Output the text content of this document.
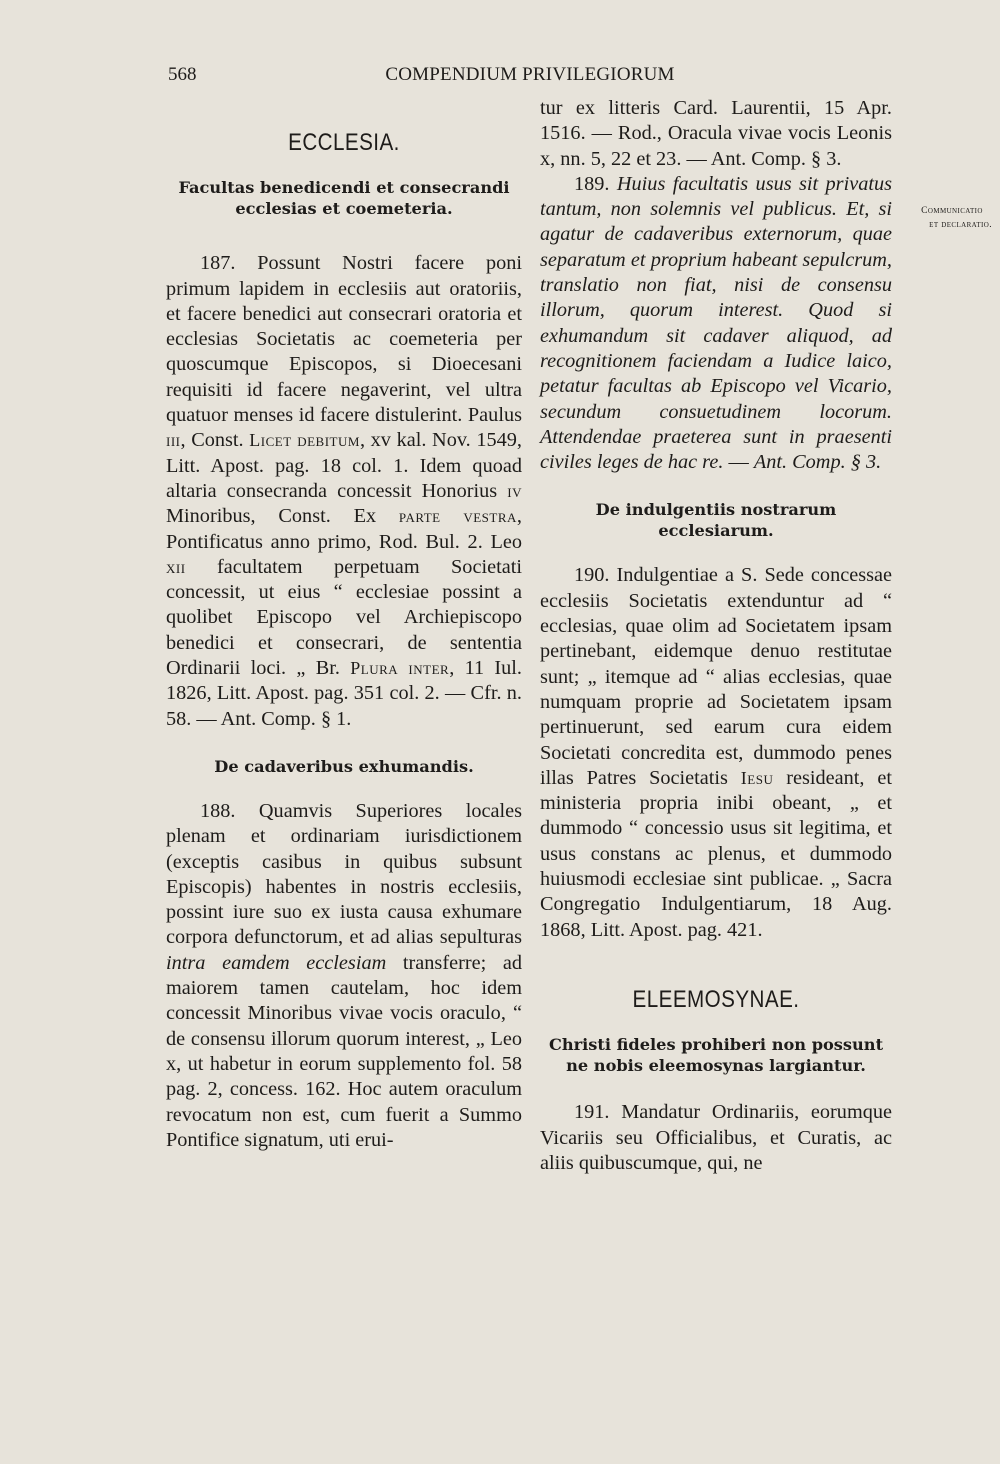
568	COMPENDIUM PRIVILEGIORUM
Communicatio
et declaratio.
ECCLESIA.
Facultas benedicendi et consecrandi ecclesias et coemeteria.

187. Possunt Nostri facere poni primum lapidem in ecclesiis aut oratoriis, et facere benedici aut consecrari oratoria et ecclesias Societatis ac coemeteria per quoscumque Episcopos, si Dioecesani requisiti id facere negaverint, vel ultra quatuor menses id facere distulerint. Paulus iii, Const. Licet debitum, xv kal. Nov. 1549, Litt. Apost. pag. 18 col. 1. Idem quoad altaria consecranda concessit Honorius iv Minoribus, Const. Ex parte vestra, Pontificatus anno primo, Rod. Bul. 2. Leo xii facultatem perpetuam Societati concessit, ut eius “ ecclesiae possint a quolibet Episcopo vel Archiepiscopo benedici et consecrari, de sententia Ordinarii loci. „ Br. Plura inter, 11 Iul. 1826, Litt. Apost. pag. 351 col. 2. — Cfr. n. 58. — Ant. Comp. § 1.

De cadaveribus exhumandis.

188. Quamvis Superiores locales plenam et ordinariam iurisdictionem (exceptis casibus in quibus subsunt Episcopis) habentes in nostris ecclesiis, possint iure suo ex iusta causa exhumare corpora defunctorum, et ad alias sepulturas intra eamdem ecclesiam transferre; ad maiorem tamen cautelam, hoc idem concessit Minoribus vivae vocis oraculo, “ de consensu illorum quorum interest, „ Leo x, ut habetur in eorum supplemento fol. 58 pag. 2, concess. 162. Hoc autem oraculum revocatum non est, cum fuerit a Summo Pontifice signatum, uti erui-

tur ex litteris Card. Laurentii, 15 Apr. 1516. — Rod., Oracula vivae vocis Leonis x, nn. 5, 22 et 23. — Ant. Comp. § 3.

189. Huius facultatis usus sit privatus tantum, non solemnis vel publicus. Et, si agatur de cadaveribus externorum, quae separatum et proprium habeant sepulcrum, translatio non fiat, nisi de consensu illorum, quorum interest. Quod si exhumandum sit cadaver aliquod, ad recognitionem faciendam a Iudice laico, petatur facultas ab Episcopo vel Vicario, secundum consuetudinem locorum. Attendendae praeterea sunt in praesenti civiles leges de hac re. — Ant. Comp. § 3.

De indulgentiis nostrarum ecclesiarum.

190. Indulgentiae a S. Sede concessae ecclesiis Societatis extenduntur ad “ ecclesias, quae olim ad Societatem ipsam pertinebant, eidemque denuo restitutae sunt; „ itemque ad “ alias ecclesias, quae numquam proprie ad Societatem ipsam pertinuerunt, sed earum cura eidem Societati concredita est, dummodo penes illas Patres Societatis Iesu resideant, et ministeria propria inibi obeant, „ et dummodo “ concessio usus sit legitima, et usus constans ac plenus, et dummodo huiusmodi ecclesiae sint publicae. „ Sacra Congregatio Indulgentiarum, 18 Aug. 1868, Litt. Apost. pag. 421.

ELEEMOSYNAE.
Christi fideles prohiberi non possunt ne nobis eleemosynas largiantur.

191. Mandatur Ordinariis, eorumque Vicariis seu Officialibus, et Curatis, ac aliis quibuscumque, qui, ne
